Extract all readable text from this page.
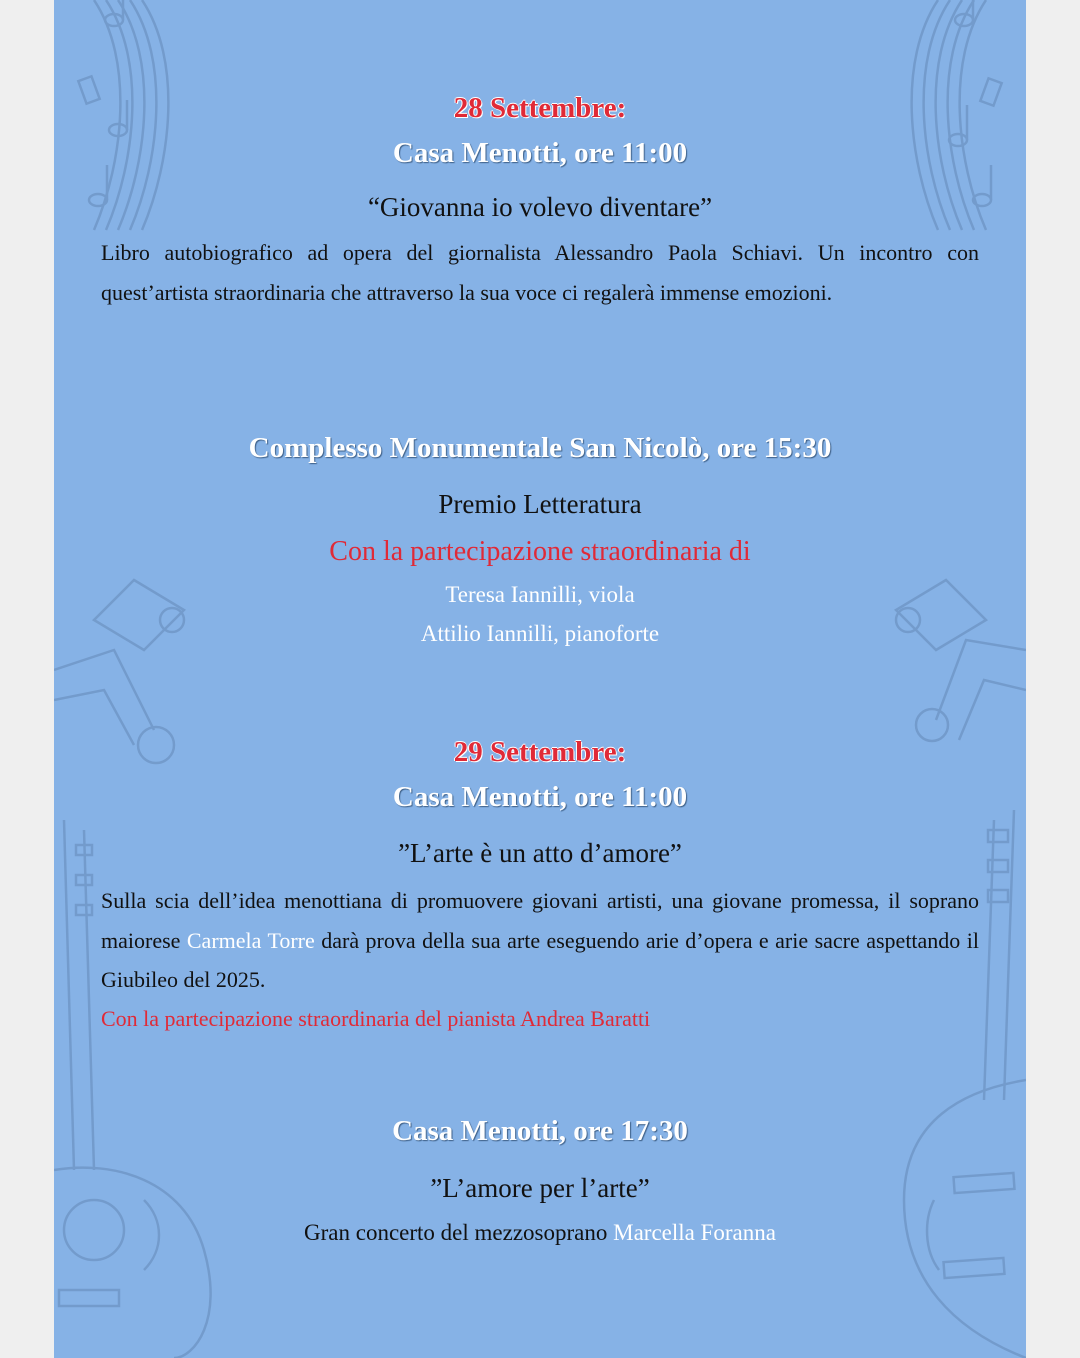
28 Settembre:

Casa Menotti, ore 11:00

“Giovanna io volevo diventare”

Libro autobiografico ad opera del giornalista Alessandro Paola Schiavi. Un incontro con quest’artista straordinaria che attraverso la sua voce ci regalerà immense emozioni.

Complesso Monumentale San Nicolò, ore 15:30

Premio Letteratura

Con la partecipazione straordinaria di

Teresa Iannilli, viola

Attilio Iannilli, pianoforte

29 Settembre:

Casa Menotti, ore 11:00

”L’arte è un atto d’amore”

Sulla scia dell’idea menottiana di promuovere giovani artisti, una giovane promessa, il soprano maiorese Carmela Torre darà prova della sua arte eseguendo arie d’opera e arie sacre aspettando il Giubileo del 2025.

Con la partecipazione straordinaria del pianista Andrea Baratti

Casa Menotti, ore 17:30

”L’amore per l’arte”

Gran concerto del mezzosoprano Marcella Foranna
